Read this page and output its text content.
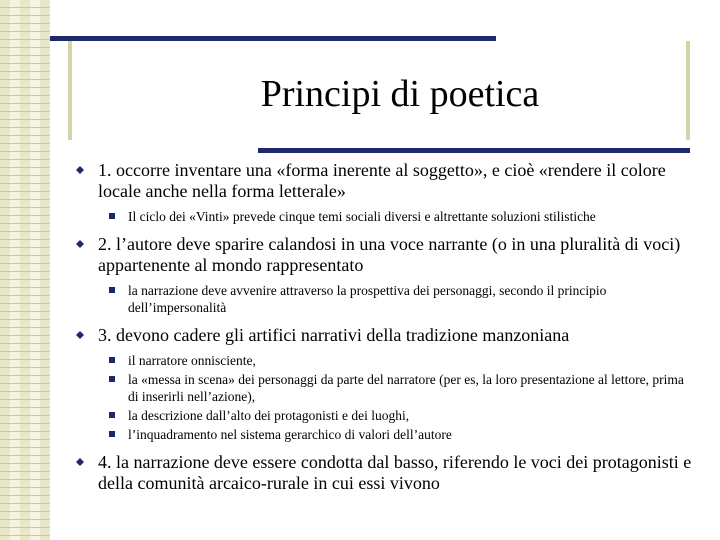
Principi di poetica
1. occorre inventare una «forma inerente al soggetto», e cioè «rendere il colore locale anche nella forma letterale»
Il ciclo dei «Vinti» prevede cinque temi sociali diversi e altrettante soluzioni stilistiche
2. l’autore deve sparire calandosi in una voce narrante (o in una pluralità di voci) appartenente al mondo rappresentato
la narrazione deve avvenire attraverso la prospettiva dei personaggi, secondo il principio dell’impersonalità
3. devono cadere gli artifici narrativi della tradizione manzoniana
il narratore onnisciente,
la «messa in scena» dei personaggi da parte del narratore (per es, la loro presentazione al lettore, prima di inserirli nell’azione),
la descrizione dall’alto dei protagonisti e dei luoghi,
l’inquadramento nel sistema gerarchico di valori dell’autore
4. la narrazione deve essere condotta dal basso, riferendo le voci dei protagonisti e della comunità arcaico-rurale in cui essi vivono
